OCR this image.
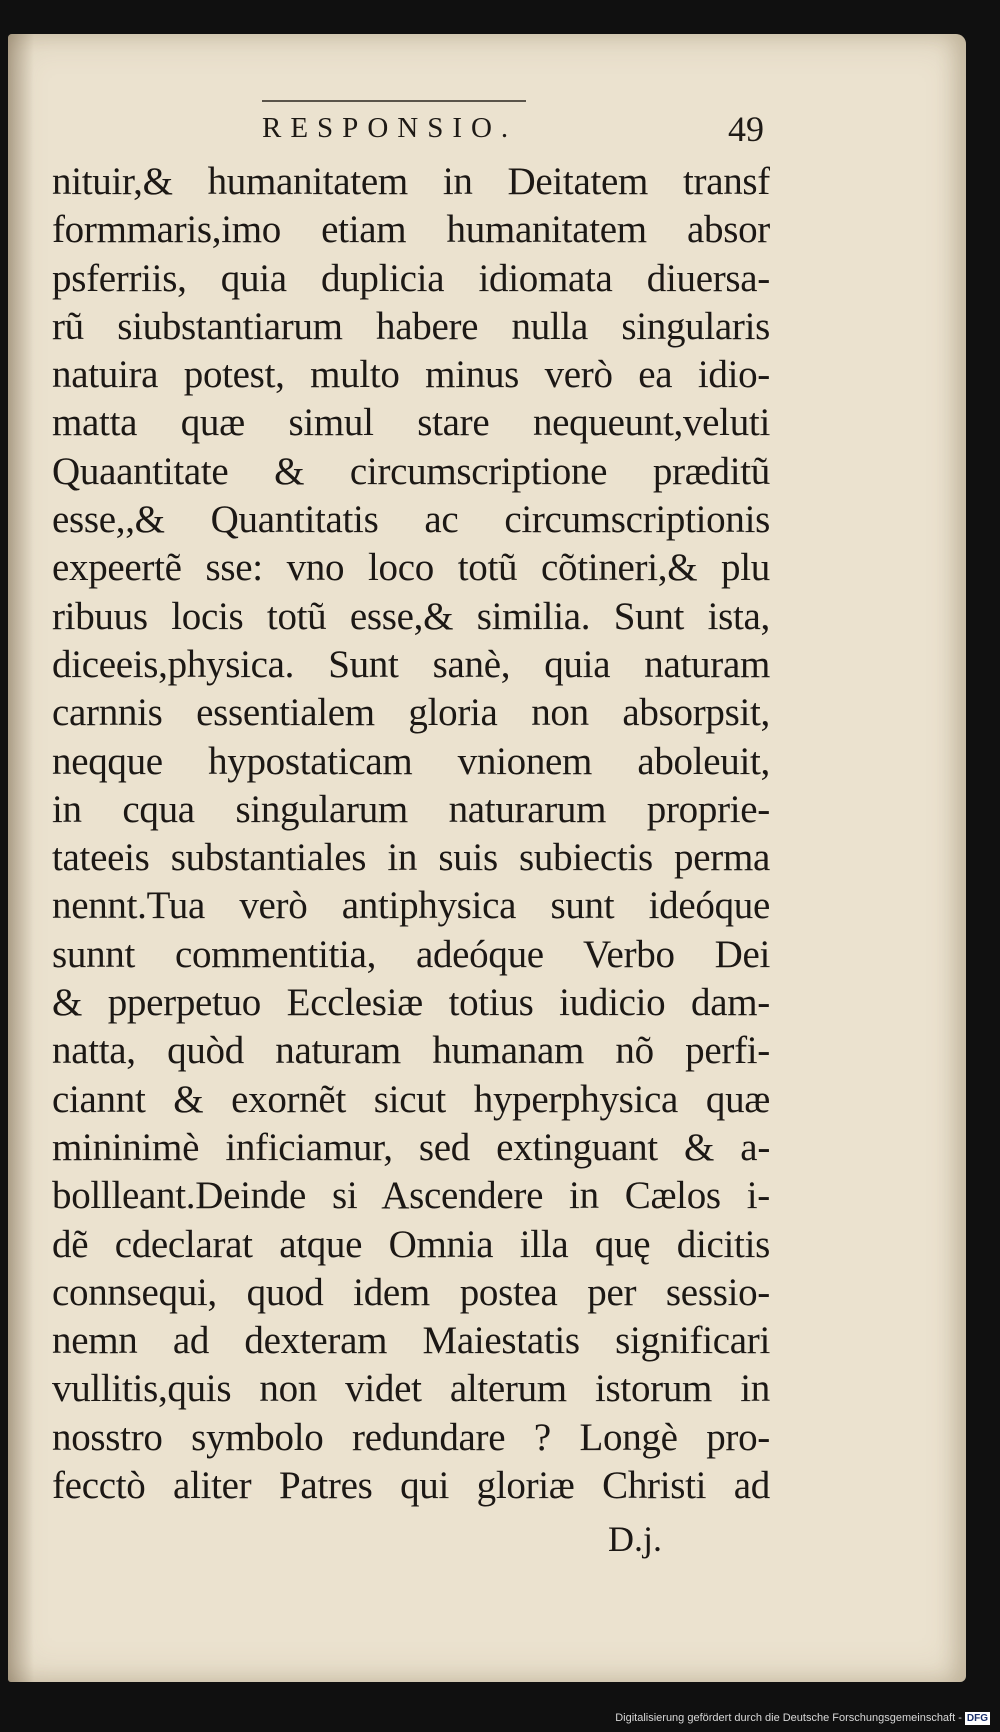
RESPONSIO.	49
nituir,& humanitatem in Deitatem transf
formmaris,imo etiam humanitatem absor
psferriis, quia duplicia idiomata diuersa-
rũ siubstantiarum habere nulla singularis
natuira potest, multo minus verò ea idio-
matta quæ simul stare nequeunt,veluti
Quaantitate & circumscriptione præditũ
esse,,& Quantitatis ac circumscriptionis
expeertẽ sse: vno loco totũ cõtineri,& plu
ribuus locis totũ esse,& similia. Sunt ista,
diceeis,physica. Sunt sanè, quia naturam
carnnis essentialem gloria non absorpsit,
neqque hypostaticam vnionem aboleuit,
in cqua singularum naturarum proprie-
tateeis substantiales in suis subiectis perma
nennt.Tua verò antiphysica sunt ideóque
sunnt commentitia, adeóque Verbo Dei
& pperpetuo Ecclesiæ totius iudicio dam-
natta, quòd naturam humanam nõ perfi-
ciannt & exornẽt sicut hyperphysica quæ
mininimè inficiamur, sed extinguant & a-
bollleant.Deinde si Ascendere in Cælos i-
dẽ cdeclarat atque Omnia illa quę dicitis
connsequi, quod idem postea per sessio-
nemn ad dexteram Maiestatis significari
vullitis,quis non videt alterum istorum in
nosstro symbolo redundare ? Longè pro-
fecctò aliter Patres qui gloriæ Christi ad
D.j.
Digitalisierung gefördert durch die Deutsche Forschungsgemeinschaft - DFG
